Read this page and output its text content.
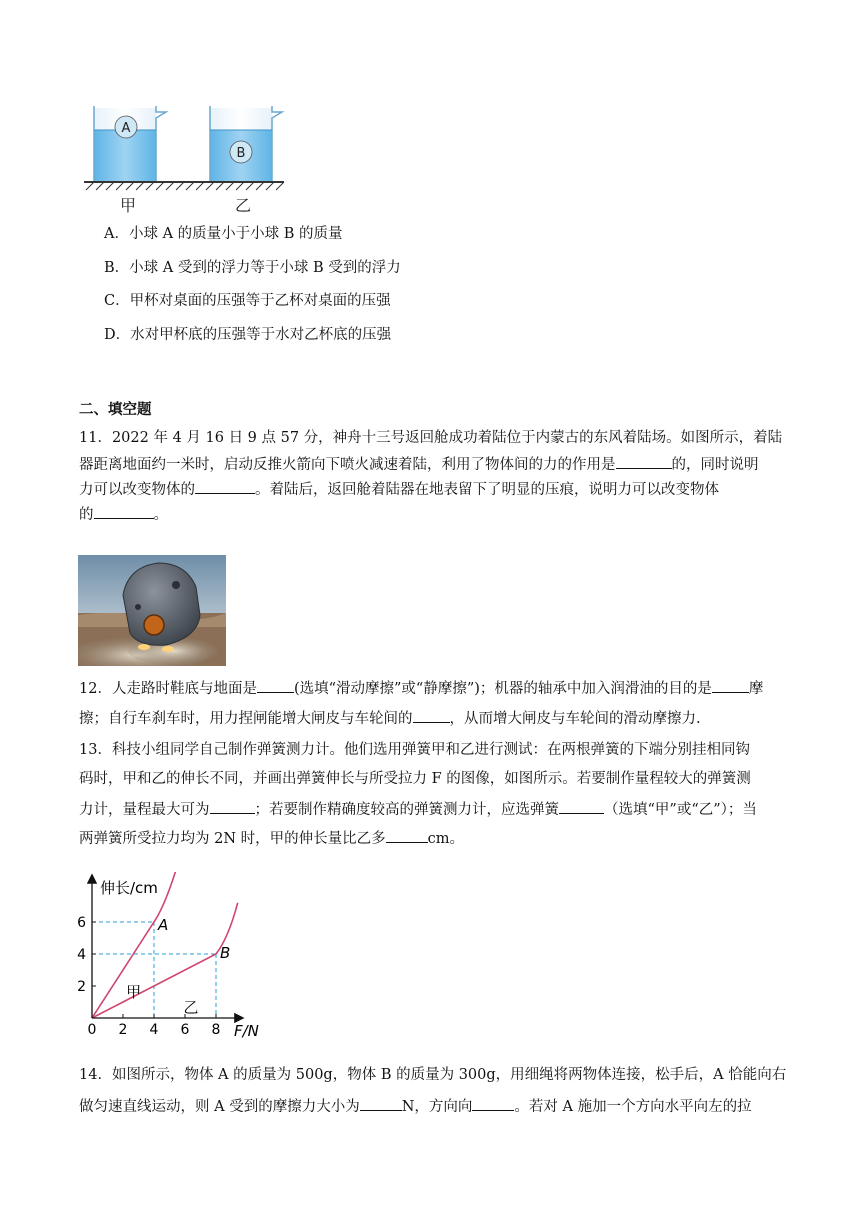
A
B
甲	乙
A．小球 A 的质量小于小球 B 的质量
B．小球 A 受到的浮力等于小球 B 受到的浮力
C．甲杯对桌面的压强等于乙杯对桌面的压强
D．水对甲杯底的压强等于水对乙杯底的压强
二、填空题
11．2022 年 4 月 16 日 9 点 57 分，神舟十三号返回舱成功着陆位于内蒙古的东风着陆场。如图所示，着陆
器距离地面约一米时，启动反推火箭向下喷火减速着陆，利用了物体间的力的作用是	的，同时说明
力可以改变物体的	。着陆后，返回舱着陆器在地表留下了明显的压痕，说明力可以改变物体
的	。
12．人走路时鞋底与地面是	(选填“滑动摩擦”或“静摩擦”)；机器的轴承中加入润滑油的目的是	摩
擦；自行车刹车时，用力捏闸能增大闸皮与车轮间的	，从而增大闸皮与车轮间的滑动摩擦力.
13．科技小组同学自己制作弹簧测力计。他们选用弹簧甲和乙进行测试：在两根弹簧的下端分别挂相同钩
码时，甲和乙的伸长不同，并画出弹簧伸长与所受拉力 F 的图像，如图所示。若要制作量程较大的弹簧测
力计，量程最大可为	；若要制作精确度较高的弹簧测力计，应选弹簧	（选填“甲”或“乙”）；当
两弹簧所受拉力均为 2N 时，甲的伸长量比乙多	cm。
伸长/cm
F/N
0 2 4 6 8
2
4
6	A
B
甲
乙
14．如图所示，物体 A 的质量为 500g，物体 B 的质量为 300g，用细绳将两物体连接，松手后，A 恰能向右
做匀速直线运动，则 A 受到的摩擦力大小为	N，方向向	。若对 A 施加一个方向水平向左的拉
